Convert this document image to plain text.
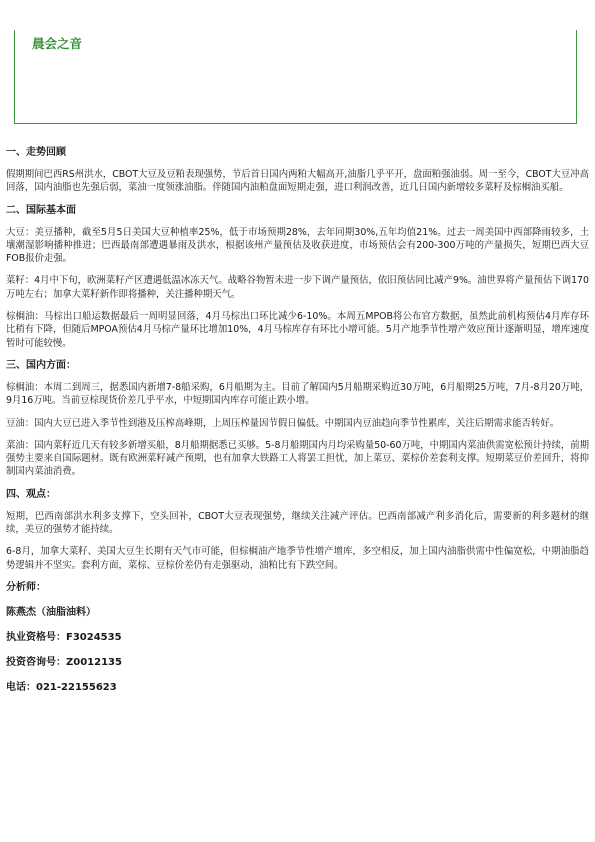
晨会之音
一、走势回顾
假期期间巴西RS州洪水，CBOT大豆及豆粕表现强势，节后首日国内两粕大幅高开,油脂几乎平开，盘面粕强油弱。周一至今，CBOT大豆冲高回落，国内油脂也先强后弱，菜油一度领涨油脂。伴随国内油粕盘面短期走强，进口利润改善，近几日国内新增较多菜籽及棕榈油买船。
二、国际基本面
大豆：美豆播种，截至5月5日美国大豆种植率25%，低于市场预期28%，去年同期30%,五年均值21%。过去一周美国中西部降雨较多，土壤潮湿影响播种推进；巴西最南部遭遇暴雨及洪水，根据该州产量预估及收获进度，市场预估会有200-300万吨的产量损失，短期巴西大豆FOB报价走强。
菜籽：4月中下旬，欧洲菜籽产区遭遇低温冰冻天气。战略谷物暂未进一步下调产量预估，依旧预估同比减产9%。油世界将产量预估下调170万吨左右；加拿大菜籽新作即将播种，关注播种期天气。
棕榈油：马棕出口船运数据最后一周明显回落，4月马棕出口环比减少6-10%。本周五MPOB将公布官方数据，虽然此前机构预估4月库存环比稍有下降，但随后MPOA预估4月马棕产量环比增加10%，4月马棕库存有环比小增可能。5月产地季节性增产效应预计逐渐明显，增库速度暂时可能较慢。
三、国内方面：
棕榈油：本周二到周三，据悉国内新增7-8船采购，6月船期为主。目前了解国内5月船期采购近30万吨，6月船期25万吨，7月-8月20万吨，9月16万吨。当前豆棕现货价差几乎平水，中短期国内库存可能止跌小增。
豆油：国内大豆已进入季节性到港及压榨高峰期，上周压榨量因节假日偏低。中期国内豆油趋向季节性累库，关注后期需求能否转好。
菜油：国内菜籽近几天有较多新增买船，8月船期据悉已买够。5-8月船期国内月均采购量50-60万吨，中期国内菜油供需宽松预计持续，前期强势主要来自国际题材。既有欧洲菜籽减产预期，也有加拿大铁路工人将罢工担忧，加上菜豆、菜棕价差套利支撑。短期菜豆价差回升，将抑制国内菜油消费。
四、观点：
短期，巴西南部洪水利多支撑下，空头回补，CBOT大豆表现强势，继续关注减产评估。巴西南部减产利多消化后，需要新的利多题材的继续，美豆的强势才能持续。
6-8月，加拿大菜籽、美国大豆生长期有天气市可能，但棕榈油产地季节性增产增库，多空相反，加上国内油脂供需中性偏宽松，中期油脂趋势逻辑并不坚实。套利方面，菜棕、豆棕价差仍有走强驱动，油粕比有下跌空间。
分析师：
陈燕杰（油脂油料）
执业资格号：F3024535
投资咨询号：Z0012135
电话：021-22155623
